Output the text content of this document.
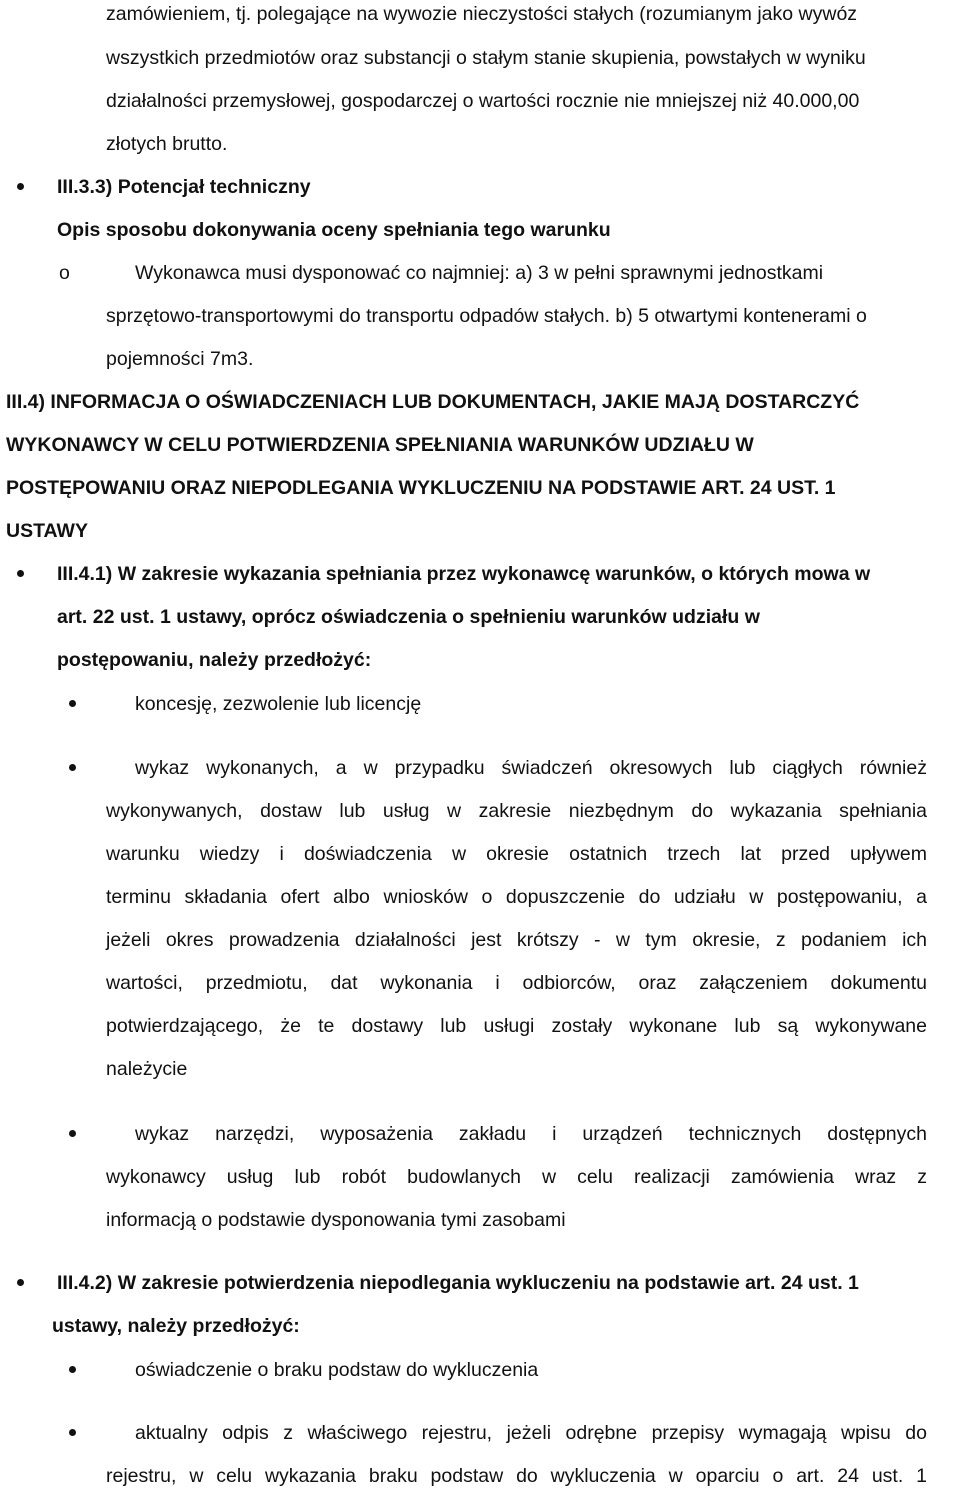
zamówieniem, tj. polegające na wywozie nieczystości stałych (rozumianym jako wywóz
wszystkich przedmiotów oraz substancji o stałym stanie skupienia, powstałych w wyniku
działalności przemysłowej, gospodarczej o wartości rocznie nie mniejszej niż 40.000,00
złotych brutto.
III.3.3) Potencjał techniczny
Opis sposobu dokonywania oceny spełniania tego warunku
o	Wykonawca musi dysponować co najmniej: a) 3 w pełni sprawnymi jednostkami
sprzętowo-transportowymi do transportu odpadów stałych. b) 5 otwartymi kontenerami o
pojemności 7m3.
III.4) INFORMACJA O OŚWIADCZENIACH LUB DOKUMENTACH, JAKIE MAJĄ DOSTARCZYĆ
WYKONAWCY W CELU POTWIERDZENIA SPEŁNIANIA WARUNKÓW UDZIAŁU W
POSTĘPOWANIU ORAZ NIEPODLEGANIA WYKLUCZENIU NA PODSTAWIE ART. 24 UST. 1
USTAWY
III.4.1) W zakresie wykazania spełniania przez wykonawcę warunków, o których mowa w
art. 22 ust. 1 ustawy, oprócz oświadczenia o spełnieniu warunków udziału w
postępowaniu, należy przedłożyć:
koncesję, zezwolenie lub licencję
wykaz wykonanych, a w przypadku świadczeń okresowych lub ciągłych również
wykonywanych, dostaw lub usług w zakresie niezbędnym do wykazania spełniania
warunku wiedzy i doświadczenia w okresie ostatnich trzech lat przed upływem
terminu składania ofert albo wniosków o dopuszczenie do udziału w postępowaniu, a
jeżeli okres prowadzenia działalności jest krótszy - w tym okresie, z podaniem ich
wartości, przedmiotu, dat wykonania i odbiorców, oraz załączeniem dokumentu
potwierdzającego, że te dostawy lub usługi zostały wykonane lub są wykonywane
należycie
wykaz narzędzi, wyposażenia zakładu i urządzeń technicznych dostępnych
wykonawcy usług lub robót budowlanych w celu realizacji zamówienia wraz z
informacją o podstawie dysponowania tymi zasobami
III.4.2) W zakresie potwierdzenia niepodlegania wykluczeniu na podstawie art. 24 ust. 1
ustawy, należy przedłożyć:
oświadczenie o braku podstaw do wykluczenia
aktualny odpis z właściwego rejestru, jeżeli odrębne przepisy wymagają wpisu do
rejestru, w celu wykazania braku podstaw do wykluczenia w oparciu o art. 24 ust. 1
